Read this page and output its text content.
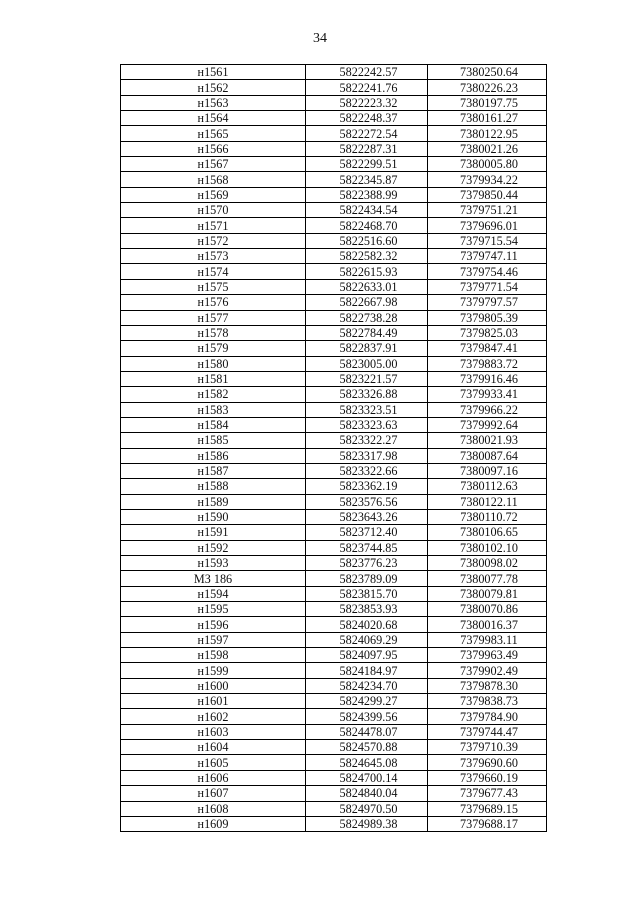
34
н1561	5822242.57	7380250.64
н1562	5822241.76	7380226.23
н1563	5822223.32	7380197.75
н1564	5822248.37	7380161.27
н1565	5822272.54	7380122.95
н1566	5822287.31	7380021.26
н1567	5822299.51	7380005.80
н1568	5822345.87	7379934.22
н1569	5822388.99	7379850.44
н1570	5822434.54	7379751.21
н1571	5822468.70	7379696.01
н1572	5822516.60	7379715.54
н1573	5822582.32	7379747.11
н1574	5822615.93	7379754.46
н1575	5822633.01	7379771.54
н1576	5822667.98	7379797.57
н1577	5822738.28	7379805.39
н1578	5822784.49	7379825.03
н1579	5822837.91	7379847.41
н1580	5823005.00	7379883.72
н1581	5823221.57	7379916.46
н1582	5823326.88	7379933.41
н1583	5823323.51	7379966.22
н1584	5823323.63	7379992.64
н1585	5823322.27	7380021.93
н1586	5823317.98	7380087.64
н1587	5823322.66	7380097.16
н1588	5823362.19	7380112.63
н1589	5823576.56	7380122.11
н1590	5823643.26	7380110.72
н1591	5823712.40	7380106.65
н1592	5823744.85	7380102.10
н1593	5823776.23	7380098.02
МЗ 186	5823789.09	7380077.78
н1594	5823815.70	7380079.81
н1595	5823853.93	7380070.86
н1596	5824020.68	7380016.37
н1597	5824069.29	7379983.11
н1598	5824097.95	7379963.49
н1599	5824184.97	7379902.49
н1600	5824234.70	7379878.30
н1601	5824299.27	7379838.73
н1602	5824399.56	7379784.90
н1603	5824478.07	7379744.47
н1604	5824570.88	7379710.39
н1605	5824645.08	7379690.60
н1606	5824700.14	7379660.19
н1607	5824840.04	7379677.43
н1608	5824970.50	7379689.15
н1609	5824989.38	7379688.17
